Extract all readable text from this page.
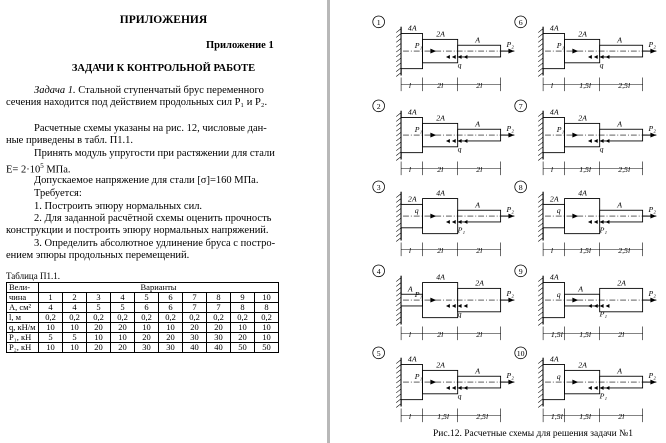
ПРИЛОЖЕНИЯ
Приложение 1
ЗАДАЧИ К КОНТРОЛЬНОЙ РАБОТЕ
Задача 1. Стальной ступенчатый брус переменного
сечения находится под действием продольных сил P₁ и P₂.
Расчетные схемы указаны на рис. 12, числовые дан-
ные приведены в табл. П1.1.
Принять модуль упругости при растяжении для стали
$E= 2\cdot 10^5$ МПа.
Допускаемое напряжение для стали [σ]=160 МПа.
Требуется:
1. Построить эпюру нормальных сил.
2. Для заданной расчётной схемы оценить прочность
конструкции и построить эпюру нормальных напряжений.
3. Определить абсолютное удлинение бруса с постро-
ением эпюры продольных перемещений.
Таблица П1.1.
Вели-	Варианты									
чина	1	2	3	4	5	6	7	8	9	10
A, см²	4	4	5	5	6	6	7	7	8	8
l, м	0,2	0,2	0,2	0,2	0,2	0,2	0,2	0,2	0,2	0,2
q, кН/м	10	10	20	20	10	10	20	20	10	10
P₁, кН	5	5	10	10	20	20	30	30	20	10
P₂, кН	10	10	20	20	30	30	40	40	50	50
1
4A
l
2A
2l
A
2l
P₂
P₁
q
2
4A
l
2A
2l
A
2l
P₂
P₁
q
3
2A
l
4A
2l
A
2l
P₂
q
P₁
4
A
l
4A
2l
2A
2l
P₂
P₁
q
5
4A
l
2A
1,5l
A
2,5l
P₂
P₁
q
6
4A
l
2A
1,5l
A
2,5l
P₂
P₁
q
7
4A
l
2A
1,5l
A
2,5l
P₂
P₁
q
8
2A
l
4A
1,5l
A
2,5l
P₂
q
P₁
9
4A
1,5l
A
1,5l
2A
2l
P₂
q
P₁
10
4A
1,5l
2A
1,5l
A
2l
P₂
q
P₁
Рис.12. Расчетные схемы для решения задачи №1
